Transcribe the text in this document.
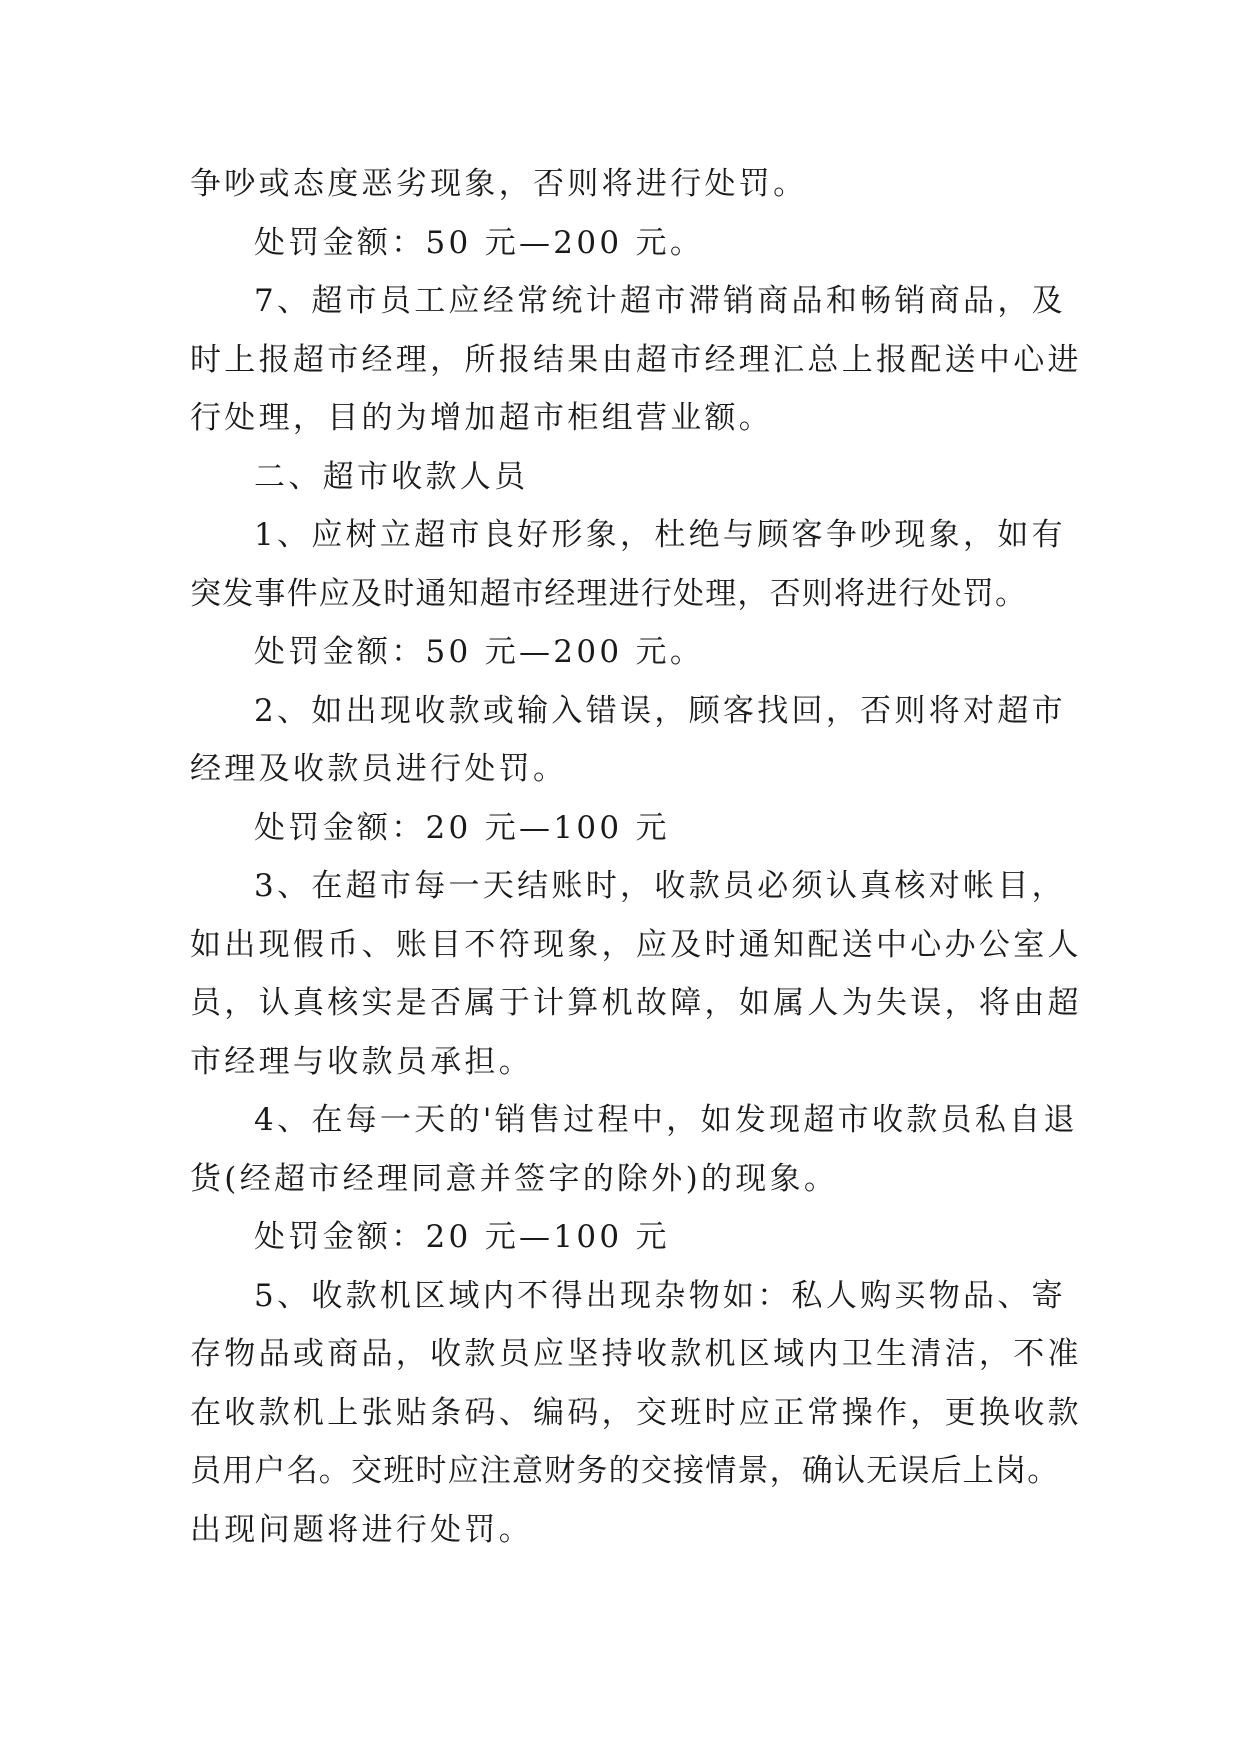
争吵或态度恶劣现象，否则将进行处罚。
处罚金额：50 元—200 元。
7、超市员工应经常统计超市滞销商品和畅销商品，及
时上报超市经理，所报结果由超市经理汇总上报配送中心进
行处理，目的为增加超市柜组营业额。
二、超市收款人员
1、应树立超市良好形象，杜绝与顾客争吵现象，如有
突发事件应及时通知超市经理进行处理，否则将进行处罚。
处罚金额：50 元—200 元。
2、如出现收款或输入错误，顾客找回，否则将对超市
经理及收款员进行处罚。
处罚金额：20 元—100 元
3、在超市每一天结账时，收款员必须认真核对帐目，
如出现假币、账目不符现象，应及时通知配送中心办公室人
员，认真核实是否属于计算机故障，如属人为失误，将由超
市经理与收款员承担。
4、在每一天的'销售过程中，如发现超市收款员私自退
货(经超市经理同意并签字的除外)的现象。
处罚金额：20 元—100 元
5、收款机区域内不得出现杂物如：私人购买物品、寄
存物品或商品，收款员应坚持收款机区域内卫生清洁，不准
在收款机上张贴条码、编码，交班时应正常操作，更换收款
员用户名。交班时应注意财务的交接情景，确认无误后上岗。
出现问题将进行处罚。
